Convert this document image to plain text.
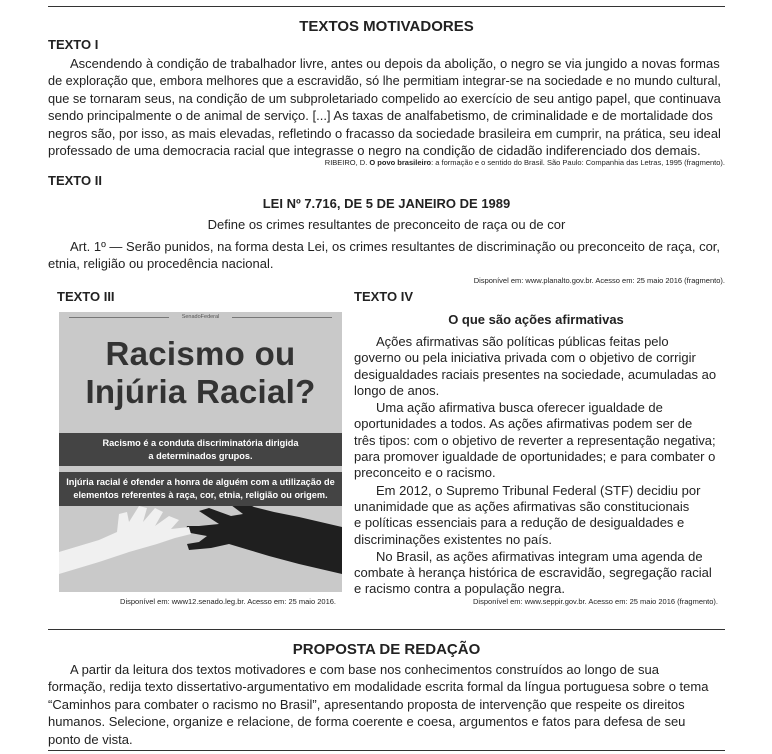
TEXTOS MOTIVADORES
TEXTO I
Ascendendo à condição de trabalhador livre, antes ou depois da abolição, o negro se via jungido a novas formas
de exploração que, embora melhores que a escravidão, só lhe permitiam integrar-se na sociedade e no mundo cultural,
que se tornaram seus, na condição de um subproletariado compelido ao exercício de seu antigo papel, que continuava
sendo principalmente o de animal de serviço. [...] As taxas de analfabetismo, de criminalidade e de mortalidade dos
negros são, por isso, as mais elevadas, refletindo o fracasso da sociedade brasileira em cumprir, na prática, seu ideal
professado de uma democracia racial que integrasse o negro na condição de cidadão indiferenciado dos demais.
RIBEIRO, D. O povo brasileiro: a formação e o sentido do Brasil. São Paulo: Companhia das Letras, 1995 (fragmento).
TEXTO II
LEI Nº 7.716, DE 5 DE JANEIRO DE 1989
Define os crimes resultantes de preconceito de raça ou de cor
Art. 1º — Serão punidos, na forma desta Lei, os crimes resultantes de discriminação ou preconceito de raça, cor,
etnia, religião ou procedência nacional.
Disponível em: www.planalto.gov.br. Acesso em: 25 maio 2016 (fragmento).
TEXTO III
SenadoFederal
Racismo ou
Injúria Racial?
Racismo é a conduta discriminatória dirigida
a determinados grupos.
Injúria racial é ofender a honra de alguém com a utilização de
elementos referentes à raça, cor, etnia, religião ou origem.
Disponível em: www12.senado.leg.br. Acesso em: 25 maio 2016.
TEXTO IV
O que são ações afirmativas
Ações afirmativas são políticas públicas feitas pelo
governo ou pela iniciativa privada com o objetivo de corrigir
desigualdades raciais presentes na sociedade, acumuladas ao
longo de anos.
Uma ação afirmativa busca oferecer igualdade de
oportunidades a todos. As ações afirmativas podem ser de
três tipos: com o objetivo de reverter a representação negativa;
para promover igualdade de oportunidades; e para combater o
preconceito e o racismo.
Em 2012, o Supremo Tribunal Federal (STF) decidiu por
unanimidade que as ações afirmativas são constitucionais
e políticas essenciais para a redução de desigualdades e
discriminações existentes no país.
No Brasil, as ações afirmativas integram uma agenda de
combate à herança histórica de escravidão, segregação racial
e racismo contra a população negra.
Disponível em: www.seppir.gov.br. Acesso em: 25 maio 2016 (fragmento).
PROPOSTA DE REDAÇÃO
A partir da leitura dos textos motivadores e com base nos conhecimentos construídos ao longo de sua
formação, redija texto dissertativo-argumentativo em modalidade escrita formal da língua portuguesa sobre o tema
“Caminhos para combater o racismo no Brasil”, apresentando proposta de intervenção que respeite os direitos
humanos. Selecione, organize e relacione, de forma coerente e coesa, argumentos e fatos para defesa de seu
ponto de vista.
